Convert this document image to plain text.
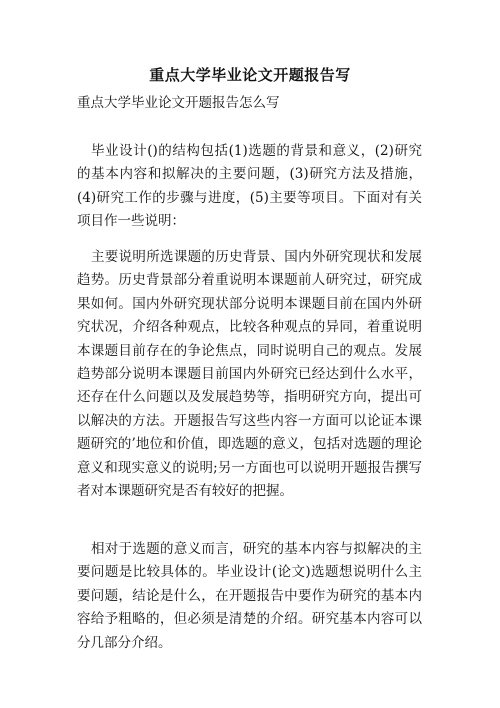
重点大学毕业论文开题报告写
重点大学毕业论文开题报告怎么写

毕业设计()的结构包括(1)选题的背景和意义，(2)研究的基本内容和拟解决的主要问题，(3)研究方法及措施，(4)研究工作的步骤与进度，(5)主要等项目。下面对有关项目作一些说明：

主要说明所选课题的历史背景、国内外研究现状和发展趋势。历史背景部分着重说明本课题前人研究过，研究成果如何。国内外研究现状部分说明本课题目前在国内外研究状况，介绍各种观点，比较各种观点的异同，着重说明本课题目前存在的争论焦点，同时说明自己的观点。发展趋势部分说明本课题目前国内外研究已经达到什么水平，还存在什么问题以及发展趋势等，指明研究方向，提出可以解决的方法。开题报告写这些内容一方面可以论证本课题研究的’地位和价值，即选题的意义，包括对选题的理论意义和现实意义的说明;另一方面也可以说明开题报告撰写者对本课题研究是否有较好的把握。

相对于选题的意义而言，研究的基本内容与拟解决的主要问题是比较具体的。毕业设计(论文)选题想说明什么主要问题，结论是什么，在开题报告中要作为研究的基本内容给予粗略的，但必须是清楚的介绍。研究基本内容可以分几部分介绍。
